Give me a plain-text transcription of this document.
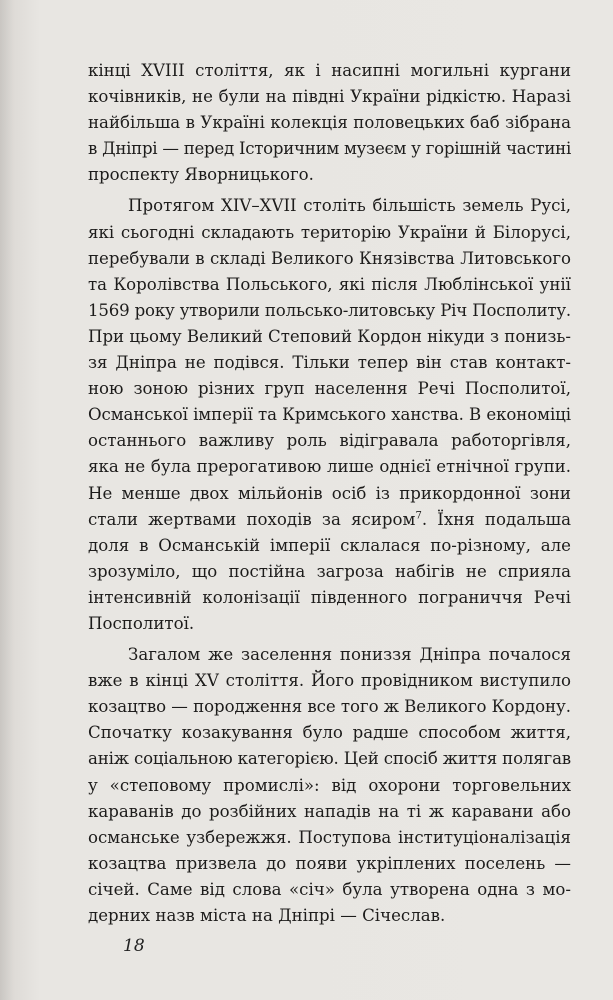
кінці XVIII століття, як і насипні могильні кургани
кочівників, не були на півдні України рідкістю. Наразі
найбільша в Україні колекція половецьких баб зібрана
в Дніпрі — перед Історичним музеєм у горішній частині
проспекту Яворницького.

Протягом XIV–XVII століть більшість земель Русі,
які сьогодні складають територію України й Білорусі,
перебували в складі Великого Князівства Литовського
та Королівства Польського, які після Люблінської унії
1569 року утворили польсько-литовську Річ Посполиту.
При цьому Великий Степовий Кордон нікуди з понизь-
зя Дніпра не подівся. Тільки тепер він став контакт-
ною зоною різних груп населення Речі Посполитої,
Османської імперії та Кримського ханства. В економіці
останнього важливу роль відігравала работоргівля,
яка не була прерогативою лише однієї етнічної групи.
Не менше двох мільйонів осіб із прикордонної зони
стали жертвами походів за ясиром$^7$. Їхня подальша
доля в Османській імперії склалася по-різному, але
зрозуміло, що постійна загроза набігів не сприяла
інтенсивній колонізації південного пограниччя Речі
Посполитої.

Загалом же заселення пониззя Дніпра почалося
вже в кінці XV століття. Його провідником виступило
козацтво — породження все того ж Великого Кордону.
Спочатку козакування було радше способом життя,
аніж соціальною категорією. Цей спосіб життя полягав
у «степовому промислі»: від охорони торговельних
караванів до розбійних нападів на ті ж каравани або
османське узбережжя. Поступова інституціоналізація
козацтва призвела до появи укріплених поселень —
січей. Саме від слова «січ» була утворена одна з мо-
дерних назв міста на Дніпрі — Січеслав.

18
